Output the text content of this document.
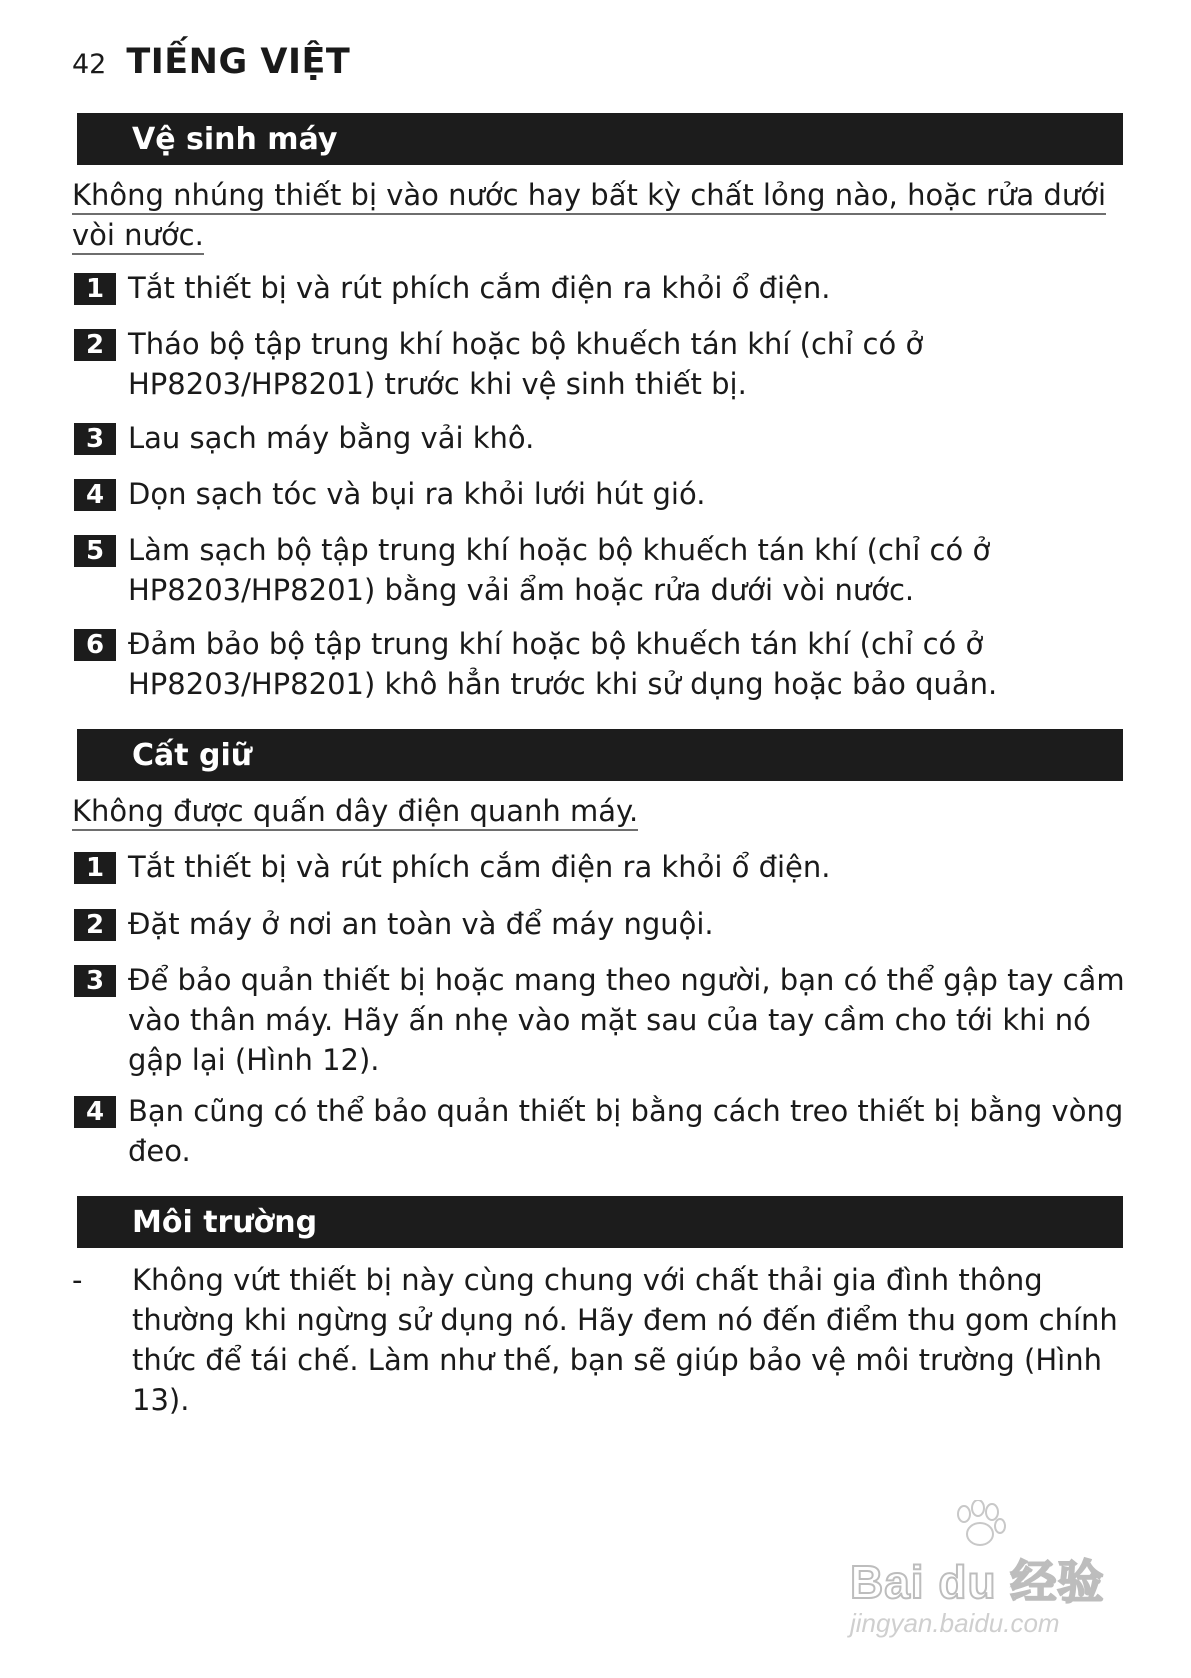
42 TIẾNG VIỆT
Vệ sinh máy
Không nhúng thiết bị vào nước hay bất kỳ chất lỏng nào, hoặc rửa dưới vòi nước.
1 Tắt thiết bị và rút phích cắm điện ra khỏi ổ điện.
2 Tháo bộ tập trung khí hoặc bộ khuếch tán khí (chỉ có ở HP8203/HP8201) trước khi vệ sinh thiết bị.
3 Lau sạch máy bằng vải khô.
4 Dọn sạch tóc và bụi ra khỏi lưới hút gió.
5 Làm sạch bộ tập trung khí hoặc bộ khuếch tán khí (chỉ có ở HP8203/HP8201) bằng vải ẩm hoặc rửa dưới vòi nước.
6 Đảm bảo bộ tập trung khí hoặc bộ khuếch tán khí (chỉ có ở HP8203/HP8201) khô hẳn trước khi sử dụng hoặc bảo quản.
Cất giữ
Không được quấn dây điện quanh máy.
1 Tắt thiết bị và rút phích cắm điện ra khỏi ổ điện.
2 Đặt máy ở nơi an toàn và để máy nguội.
3 Để bảo quản thiết bị hoặc mang theo người, bạn có thể gập tay cầm vào thân máy. Hãy ấn nhẹ vào mặt sau của tay cầm cho tới khi nó gập lại (Hình 12).
4 Bạn cũng có thể bảo quản thiết bị bằng cách treo thiết bị bằng vòng đeo.
Môi trường
-	Không vứt thiết bị này cùng chung với chất thải gia đình thông thường khi ngừng sử dụng nó. Hãy đem nó đến điểm thu gom chính thức để tái chế. Làm như thế, bạn sẽ giúp bảo vệ môi trường (Hình 13).
Bai du 经验
jingyan.baidu.com
